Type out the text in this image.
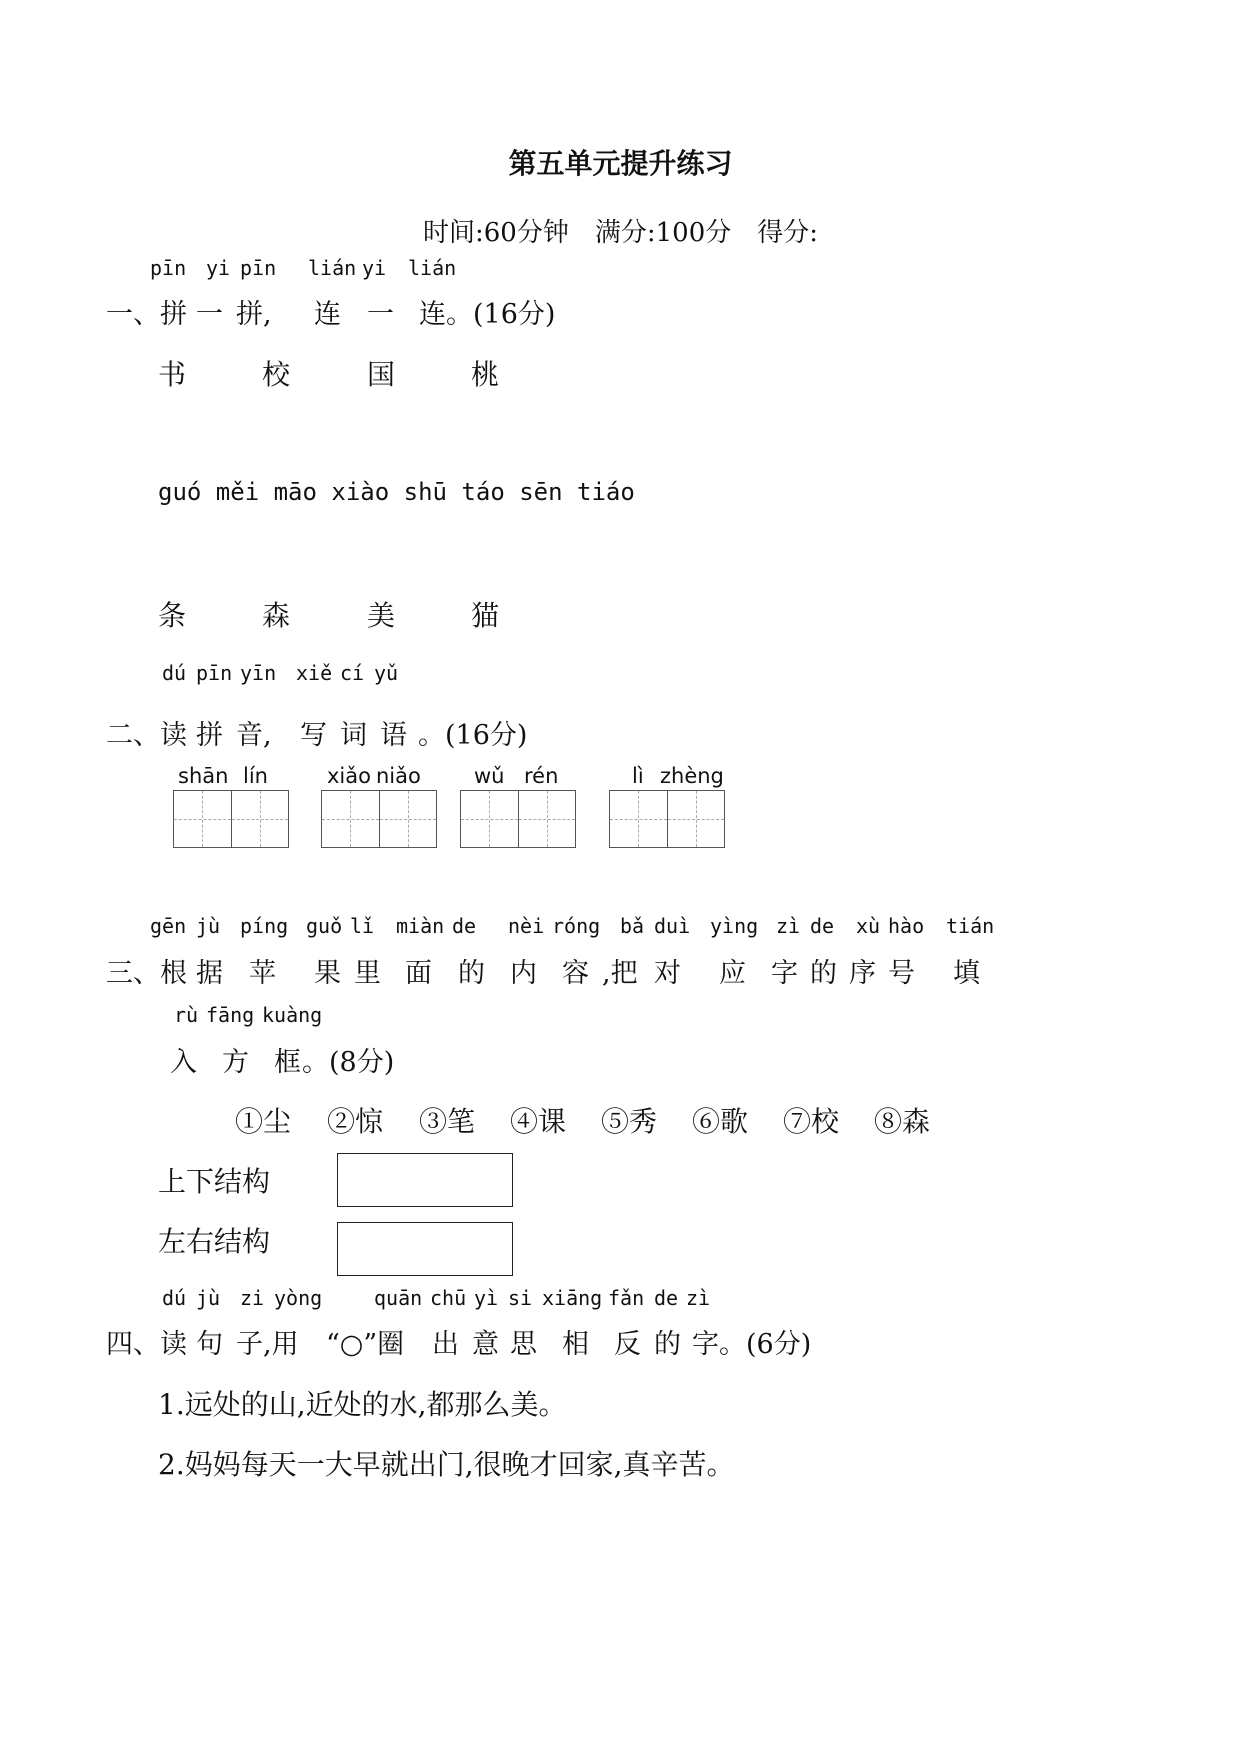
第五单元提升练习
时间:60分钟　满分:100分　得分:
pīn yi pīn lián yi lián
一、拼 一 拼, 连 一 连。(16分)
书	校	国	桃
guó měi māo xiào shū táo sēn tiáo
条	森	美	猫
dú pīn yīn xiě cí yǔ
二、读 拼 音, 写 词 语 。(16分)
shān lín	xiǎo niǎo	wǔ rén	lì zhèng
gēn jù píng guǒ lǐ miàn de nèi róng bǎ duì yìng zì de xù hào tián
三、根 据 苹 果 里 面 的 内 容 ,把 对 应 字 的 序 号 填
rù fāng kuàng
入 方 框 。(8分)
①尘 ②惊 ③笔 ④课 ⑤秀 ⑥歌 ⑦校 ⑧森
上下结构
左右结构
dú jù zi yòng	quān chū yì si xiāng fǎn de zì
四、读 句 子,用 “○”圈 出 意 思 相 反 的 字。(6分)
1.远处的山,近处的水,都那么美。
2.妈妈每天一大早就出门,很晚才回家,真辛苦。
